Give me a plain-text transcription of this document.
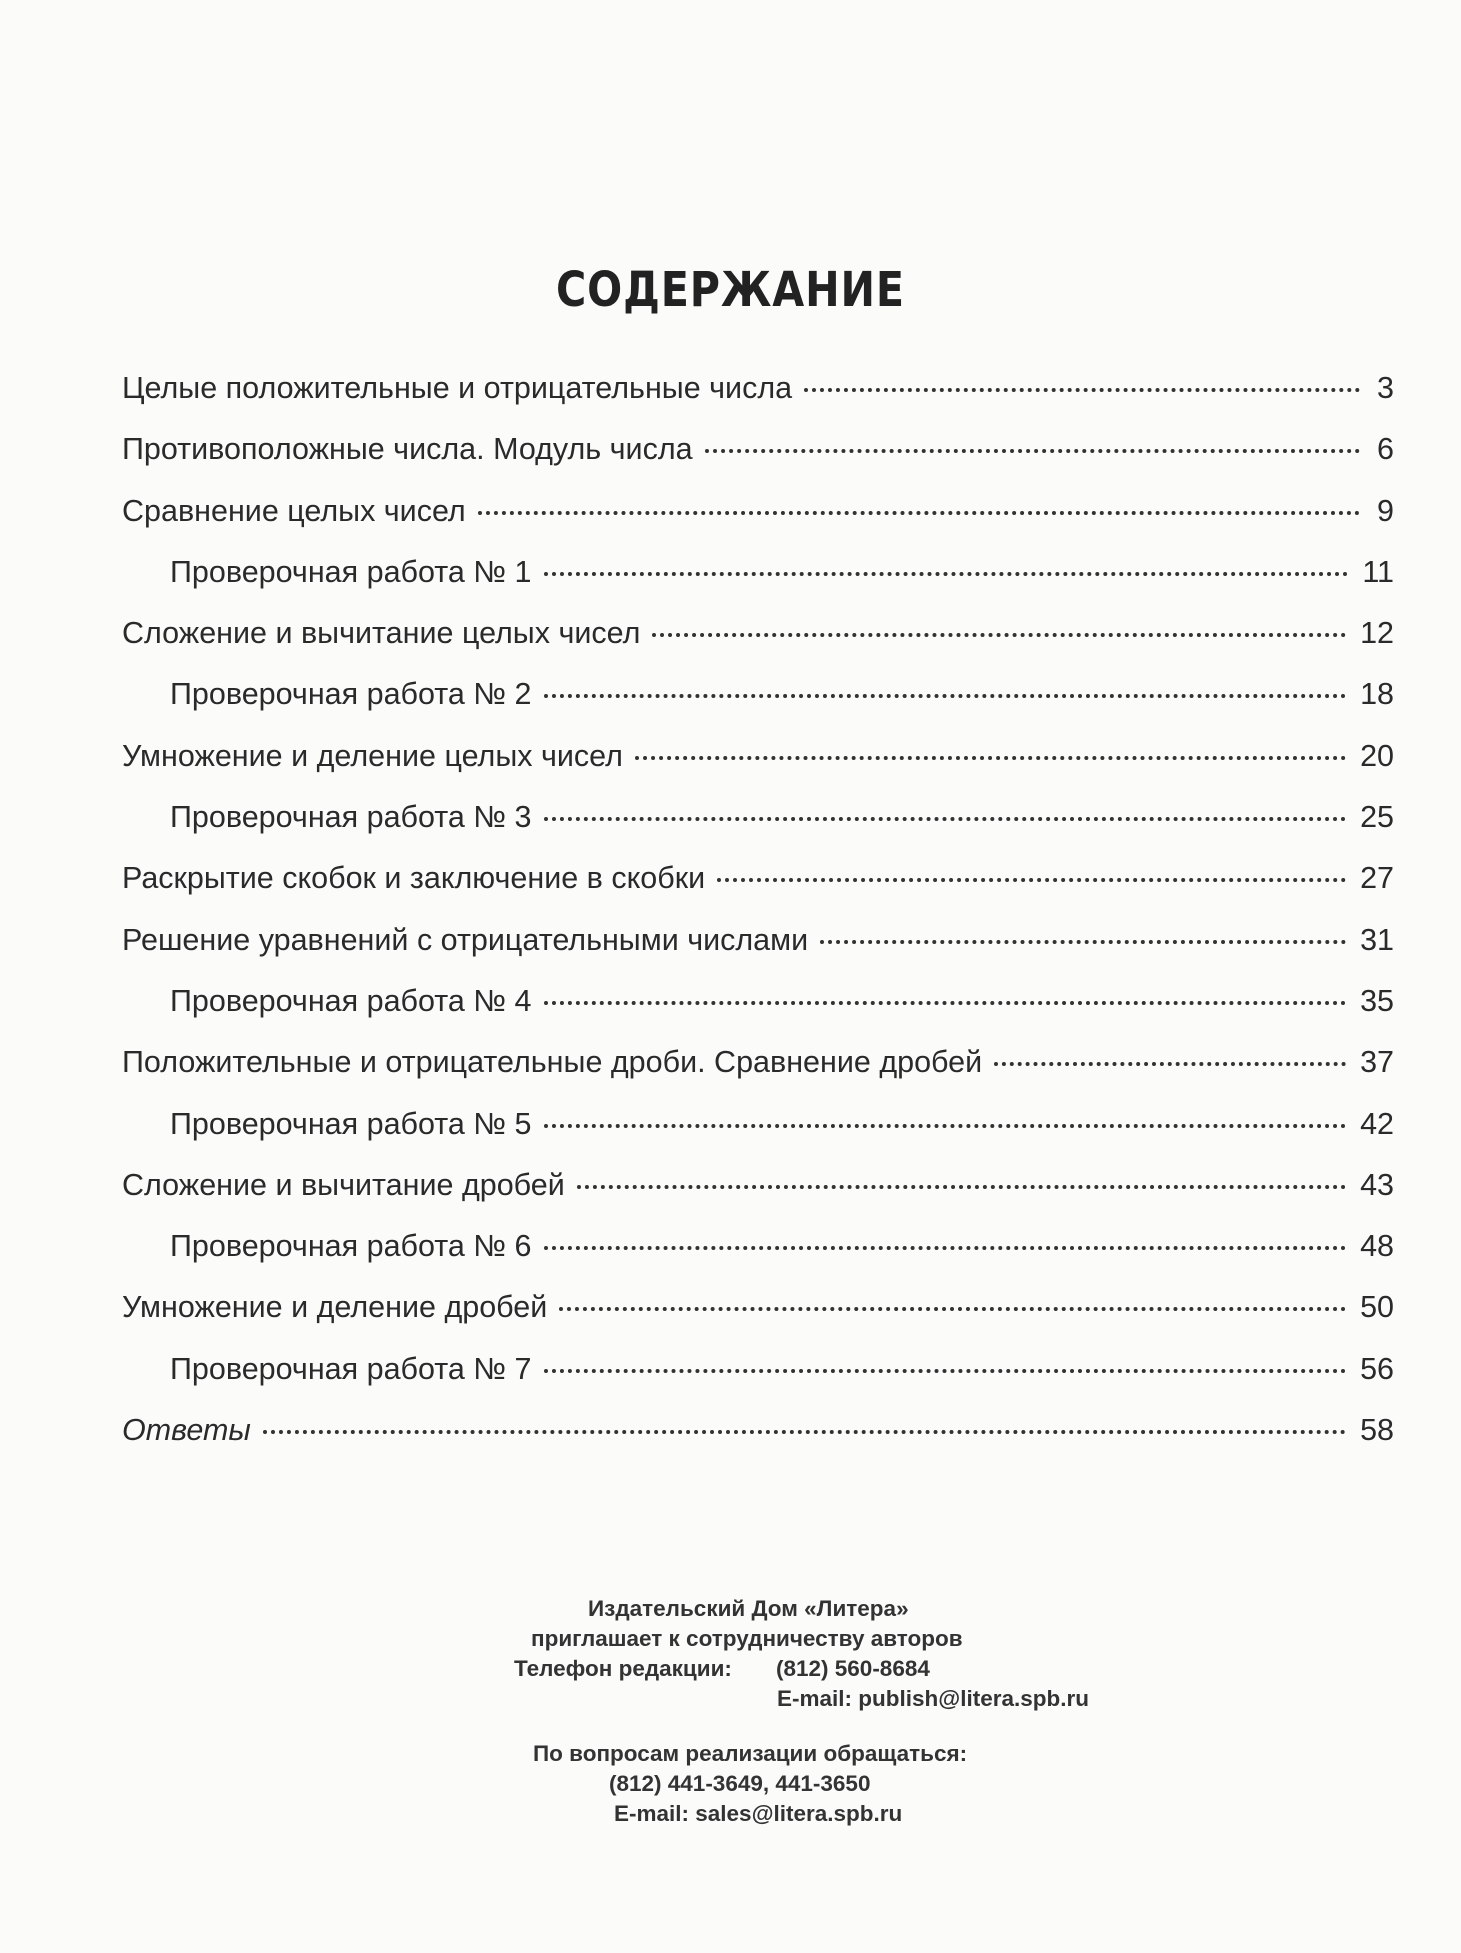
СОДЕРЖАНИЕ
Целые положительные и отрицательные числа	3
Противоположные числа. Модуль числа	6
Сравнение целых чисел	9
Проверочная работа № 1	11
Сложение и вычитание целых чисел	12
Проверочная работа № 2	18
Умножение и деление целых чисел	20
Проверочная работа № 3	25
Раскрытие скобок и заключение в скобки	27
Решение уравнений с отрицательными числами	31
Проверочная работа № 4	35
Положительные и отрицательные дроби. Сравнение дробей	37
Проверочная работа № 5	42
Сложение и вычитание дробей	43
Проверочная работа № 6	48
Умножение и деление дробей	50
Проверочная работа № 7	56
Ответы	58
Издательский Дом «Литера»
приглашает к сотрудничеству авторов
Телефон редакции: (812) 560-8684
E-mail: publish@litera.spb.ru
По вопросам реализации обращаться:
(812) 441-3649, 441-3650
E-mail: sales@litera.spb.ru
